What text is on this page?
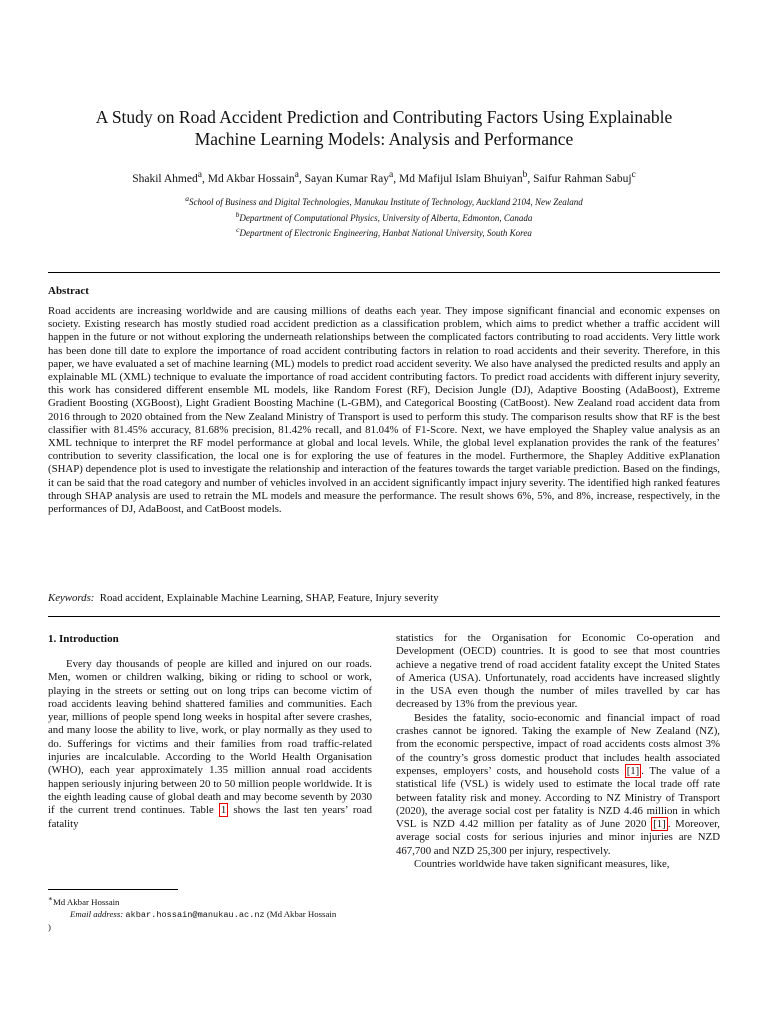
A Study on Road Accident Prediction and Contributing Factors Using Explainable
Machine Learning Models: Analysis and Performance
Shakil Ahmed$^a$, Md Akbar Hossain$^a$, Sayan Kumar Ray$^a$, Md Mafijul Islam Bhuiyan$^b$, Saifur Rahman Sabuj$^c$
$^a$School of Business and Digital Technologies, Manukau Institute of Technology, Auckland 2104, New Zealand
$^b$Department of Computational Physics, University of Alberta, Edmonton, Canada
$^c$Department of Electronic Engineering, Hanbat National University, South Korea
Abstract

Road accidents are increasing worldwide and are causing millions of deaths each year. They impose significant financial and economic expenses on society. Existing research has mostly studied road accident prediction as a classification problem, which aims to predict whether a traffic accident will happen in the future or not without exploring the underneath relationships between the complicated factors contributing to road accidents. Very little work has been done till date to explore the importance of road accident contributing factors in relation to road accidents and their severity. Therefore, in this paper, we have evaluated a set of machine learning (ML) models to predict road accident severity. We also have analysed the predicted results and apply an explainable ML (XML) technique to evaluate the importance of road accident contributing factors. To predict road accidents with different injury severity, this work has considered different ensemble ML models, like Random Forest (RF), Decision Jungle (DJ), Adaptive Boosting (AdaBoost), Extreme Gradient Boosting (XGBoost), Light Gradient Boosting Machine (L-GBM), and Categorical Boosting (CatBoost). New Zealand road accident data from 2016 through to 2020 obtained from the New Zealand Ministry of Transport is used to perform this study. The comparison results show that RF is the best classifier with 81.45% accuracy, 81.68% precision, 81.42% recall, and 81.04% of F1-Score. Next, we have employed the Shapley value analysis as an XML technique to interpret the RF model performance at global and local levels. While, the global level explanation provides the rank of the features’ contribution to severity classification, the local one is for exploring the use of features in the model. Furthermore, the Shapley Additive exPlanation (SHAP) dependence plot is used to investigate the relationship and interaction of the features towards the target variable prediction. Based on the findings, it can be said that the road category and number of vehicles involved in an accident significantly impact injury severity. The identified high ranked features through SHAP analysis are used to retrain the ML models and measure the performance. The result shows 6%, 5%, and 8%, increase, respectively, in the performances of DJ, AdaBoost, and CatBoost models.

Keywords: Road accident, Explainable Machine Learning, SHAP, Feature, Injury severity
1. Introduction

Every day thousands of people are killed and injured on our roads. Men, women or children walking, biking or riding to school or work, playing in the streets or setting out on long trips can become victim of road accidents leaving behind shattered families and communities. Each year, millions of people spend long weeks in hospital after severe crashes, and many loose the ability to live, work, or play normally as they used to do. Sufferings for victims and their families from road traffic-related injuries are incalculable. According to the World Health Organisation (WHO), each year approximately 1.35 million annual road accidents happen seriously injuring between 20 to 50 million people worldwide. It is the eighth leading cause of global death and may become seventh by 2030 if the current trend continues. Table 1 shows the last ten years’ road fatality

statistics for the Organisation for Economic Co-operation and Development (OECD) countries. It is good to see that most countries achieve a negative trend of road accident fatality except the United States of America (USA). Unfortunately, road accidents have increased slightly in the USA even though the number of miles travelled by car has decreased by 13% from the previous year.

Besides the fatality, socio-economic and financial impact of road crashes cannot be ignored. Taking the example of New Zealand (NZ), from the economic perspective, impact of road accidents costs almost 3% of the country’s gross domestic product that includes health associated expenses, employers’ costs, and household costs [1] . The value of a statistical life (VSL) is widely used to estimate the local trade off rate between fatality risk and money. According to NZ Ministry of Transport (2020), the average social cost per fatality is NZD 4.46 million in which VSL is NZD 4.42 million per fatality as of June 2020 [1] . Moreover, average social costs for serious injuries and minor injuries are NZD 467,700 and NZD 25,300 per injury, respectively.

Countries worldwide have taken significant measures, like,

∗Md Akbar Hossain
Email address: akbar.hossain@manukau.ac.nz (Md Akbar Hossain
)
